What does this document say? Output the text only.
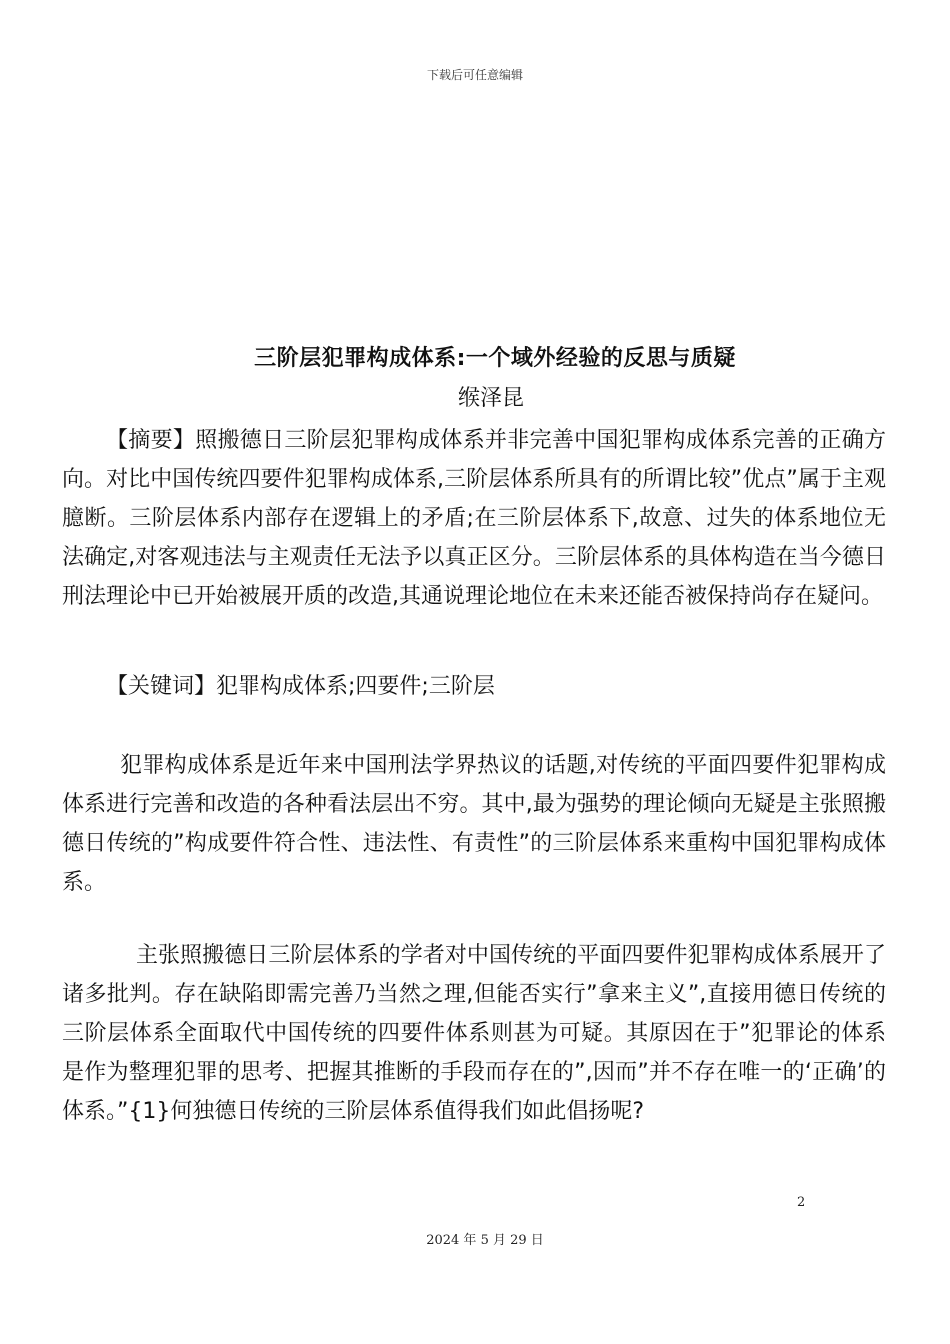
下载后可任意编辑
三阶层犯罪构成体系:一个域外经验的反思与质疑
缑泽昆

【摘要】照搬德日三阶层犯罪构成体系并非完善中国犯罪构成体系完善的正确方向。对比中国传统四要件犯罪构成体系,三阶层体系所具有的所谓比较”优点”属于主观臆断。三阶层体系内部存在逻辑上的矛盾;在三阶层体系下,故意、过失的体系地位无法确定,对客观违法与主观责任无法予以真正区分。三阶层体系的具体构造在当今德日刑法理论中已开始被展开质的改造,其通说理论地位在未来还能否被保持尚存在疑问。

【关键词】犯罪构成体系;四要件;三阶层

犯罪构成体系是近年来中国刑法学界热议的话题,对传统的平面四要件犯罪构成体系进行完善和改造的各种看法层出不穷。其中,最为强势的理论倾向无疑是主张照搬德日传统的”构成要件符合性、违法性、有责性”的三阶层体系来重构中国犯罪构成体系。

主张照搬德日三阶层体系的学者对中国传统的平面四要件犯罪构成体系展开了诸多批判。存在缺陷即需完善乃当然之理,但能否实行”拿来主义”,直接用德日传统的三阶层体系全面取代中国传统的四要件体系则甚为可疑。其原因在于”犯罪论的体系是作为整理犯罪的思考、把握其推断的手段而存在的”,因而”并不存在唯一的‘正确’的体系。”{1}何独德日传统的三阶层体系值得我们如此倡扬呢?

2
2024 年 5 月 29 日
